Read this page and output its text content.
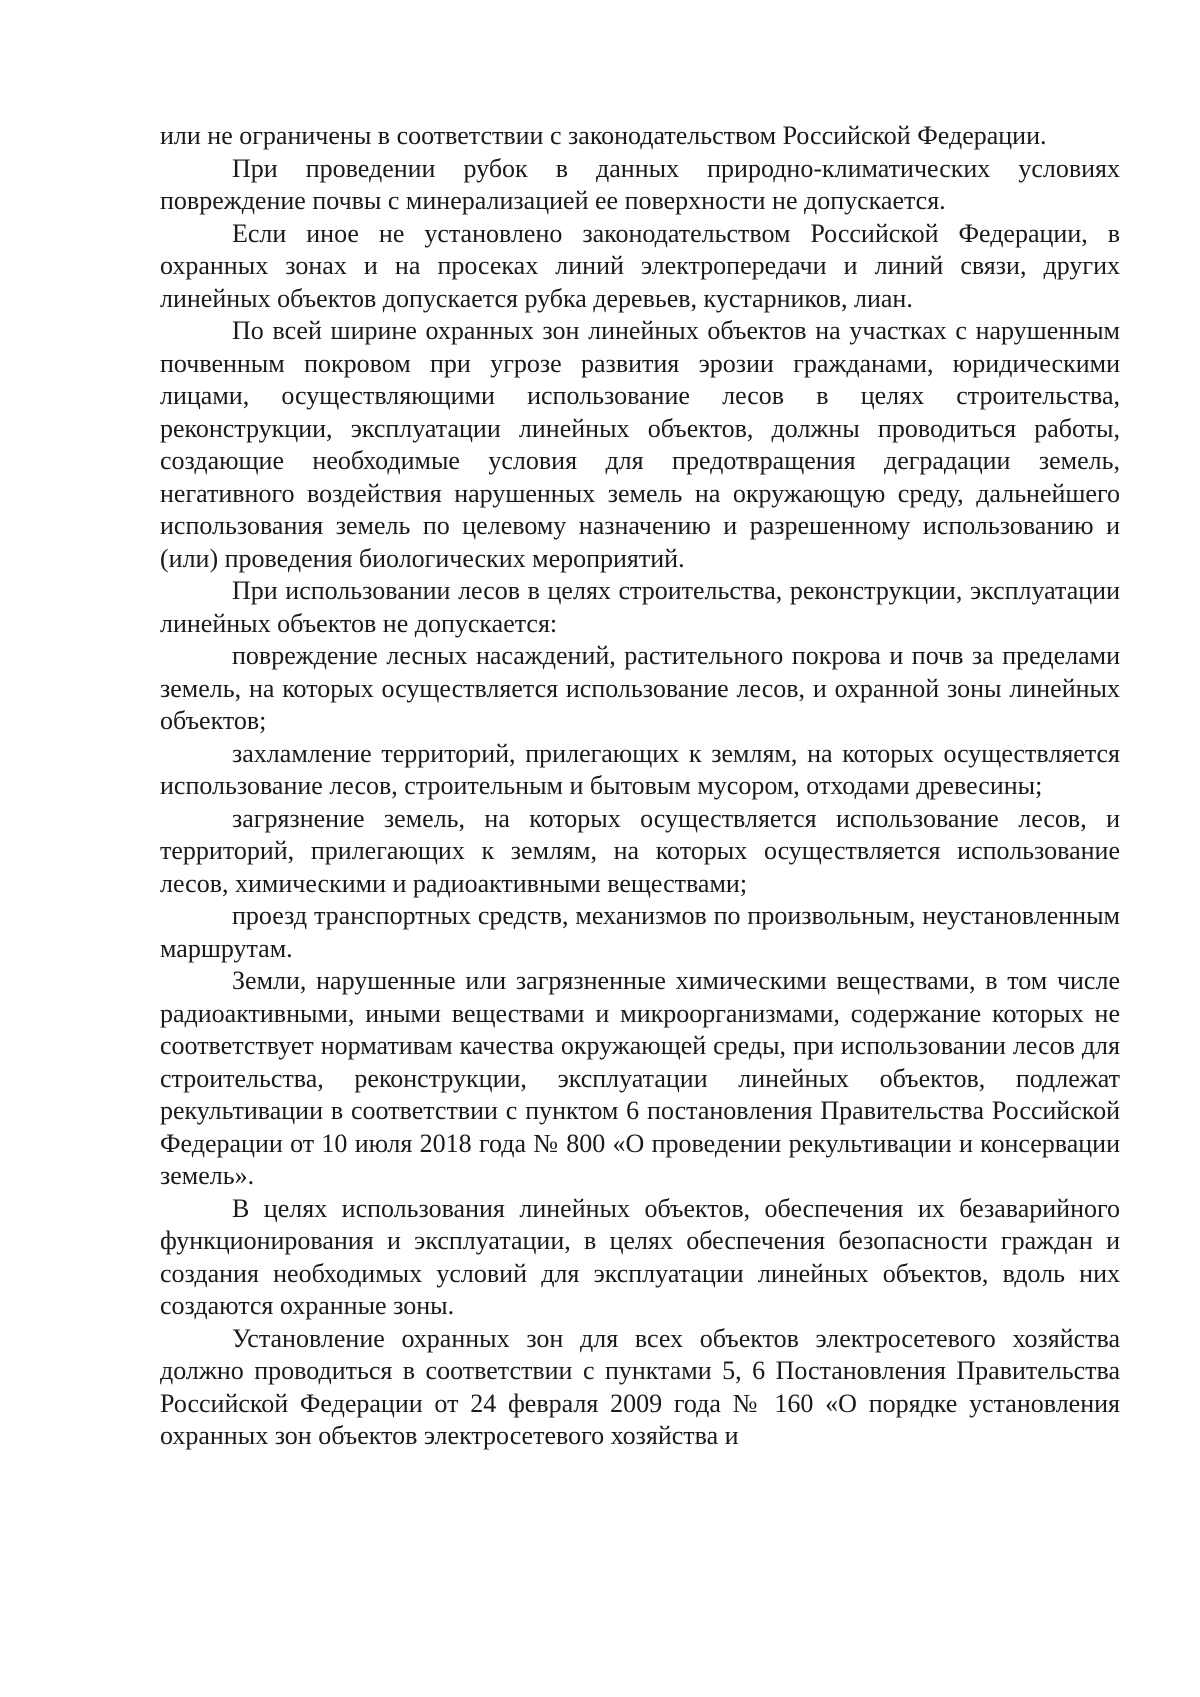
или не ограничены в соответствии с законодательством Российской Федерации.

При проведении рубок в данных природно-климатических условиях повреждение почвы с минерализацией ее поверхности не допускается.

Если иное не установлено законодательством Российской Федерации, в охранных зонах и на просеках линий электропередачи и линий связи, других линейных объектов допускается рубка деревьев, кустарников, лиан.

По всей ширине охранных зон линейных объектов на участках с нарушенным почвенным покровом при угрозе развития эрозии гражданами, юридическими лицами, осуществляющими использование лесов в целях строительства, реконструкции, эксплуатации линейных объектов, должны проводиться работы, создающие необходимые условия для предотвращения деградации земель, негативного воздействия нарушенных земель на окружающую среду, дальнейшего использования земель по целевому назначению и разрешенному использованию и (или) проведения биологических мероприятий.

При использовании лесов в целях строительства, реконструкции, эксплуатации линейных объектов не допускается:

повреждение лесных насаждений, растительного покрова и почв за пределами земель, на которых осуществляется использование лесов, и охранной зоны линейных объектов;

захламление территорий, прилегающих к землям, на которых осуществляется использование лесов, строительным и бытовым мусором, отходами древесины;

загрязнение земель, на которых осуществляется использование лесов, и территорий, прилегающих к землям, на которых осуществляется использование лесов, химическими и радиоактивными веществами;

проезд транспортных средств, механизмов по произвольным, неустановленным маршрутам.

Земли, нарушенные или загрязненные химическими веществами, в том числе радиоактивными, иными веществами и микроорганизмами, содержание которых не соответствует нормативам качества окружающей среды, при использовании лесов для строительства, реконструкции, эксплуатации линейных объектов, подлежат рекультивации в соответствии с пунктом 6 постановления Правительства Российской Федерации от 10 июля 2018 года № 800 «О проведении рекультивации и консервации земель».

В целях использования линейных объектов, обеспечения их безаварийного функционирования и эксплуатации, в целях обеспечения безопасности граждан и создания необходимых условий для эксплуатации линейных объектов, вдоль них создаются охранные зоны.

Установление охранных зон для всех объектов электросетевого хозяйства должно проводиться в соответствии с пунктами 5, 6 Постановления Правительства Российской Федерации от 24 февраля 2009 года № 160 «О порядке установления охранных зон объектов электросетевого хозяйства и
